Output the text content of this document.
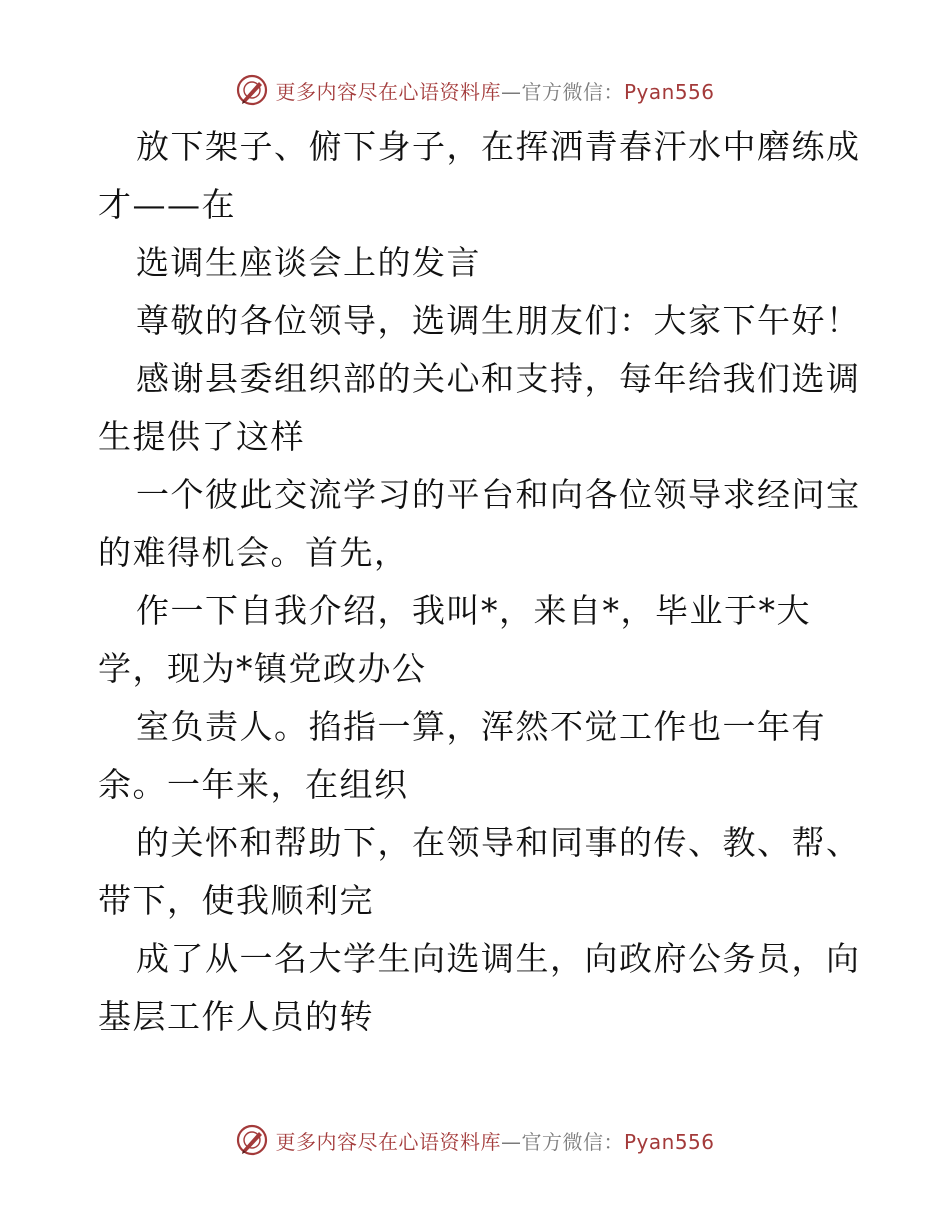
更多内容尽在心语资料库—官方微信：Pyan556
放下架子、俯下身子，在挥洒青春汗水中磨练成
才——在
选调生座谈会上的发言
尊敬的各位领导，选调生朋友们：大家下午好！
感谢县委组织部的关心和支持，每年给我们选调
生提供了这样
一个彼此交流学习的平台和向各位领导求经问宝
的难得机会。首先，
作一下自我介绍，我叫*，来自*，毕业于*大
学，现为*镇党政办公
室负责人。掐指一算，浑然不觉工作也一年有
余。一年来，在组织
的关怀和帮助下，在领导和同事的传、教、帮、
带下，使我顺利完
成了从一名大学生向选调生，向政府公务员，向
基层工作人员的转
更多内容尽在心语资料库—官方微信：Pyan556
